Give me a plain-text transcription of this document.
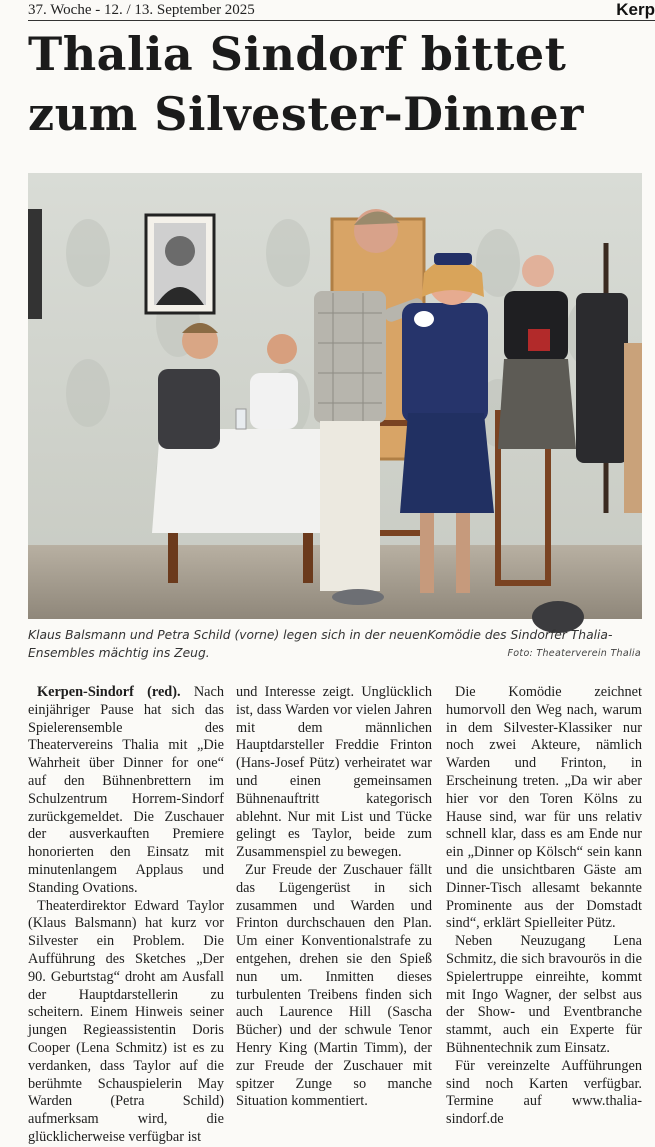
37. Woche - 12. / 13. September 2025	Kerp
Thalia Sindorf bittet
zum Silvester-Dinner

Klaus Balsmann und Petra Schild (vorne) legen sich in der neuenKomödie des Sindorfer Thalia-Ensembles mächtig ins Zeug.	Foto: Theaterverein Thalia

Kerpen-Sindorf (red). Nach einjähriger Pause hat sich das Spielerensemble des Theatervereins Thalia mit „Die Wahrheit über Dinner for one“ auf den Bühnenbrettern im Schulzentrum Horrem-Sindorf zurückgemeldet. Die Zuschauer der ausverkauften Premiere honorierten den Einsatz mit minutenlangem Applaus und Standing Ovations.

Theaterdirektor Edward Taylor (Klaus Balsmann) hat kurz vor Silvester ein Problem. Die Aufführung des Sketches „Der 90. Geburtstag“ droht am Ausfall der Hauptdarstellerin zu scheitern. Einem Hinweis seiner jungen Regieassistentin Doris Cooper (Lena Schmitz) ist es zu verdanken, dass Taylor auf die berühmte Schauspielerin May Warden (Petra Schild) aufmerksam wird, die glücklicherweise verfügbar ist

und Interesse zeigt. Unglücklich ist, dass Warden vor vielen Jahren mit dem männlichen Hauptdarsteller Freddie Frinton (Hans-Josef Pütz) verheiratet war und einen gemeinsamen Bühnenauftritt kategorisch ablehnt. Nur mit List und Tücke gelingt es Taylor, beide zum Zusammenspiel zu bewegen.

Zur Freude der Zuschauer fällt das Lügengerüst in sich zusammen und Warden und Frinton durchschauen den Plan. Um einer Konventionalstrafe zu entgehen, drehen sie den Spieß nun um. Inmitten dieses turbulenten Treibens finden sich auch Laurence Hill (Sascha Bücher) und der schwule Tenor Henry King (Martin Timm), der zur Freude der Zuschauer mit spitzer Zunge so manche Situation kommentiert.

Die Komödie zeichnet humorvoll den Weg nach, warum in dem Silvester-Klassiker nur noch zwei Akteure, nämlich Warden und Frinton, in Erscheinung treten. „Da wir aber hier vor den Toren Kölns zu Hause sind, war für uns relativ schnell klar, dass es am Ende nur ein „Dinner op Kölsch“ sein kann und die unsichtbaren Gäste am Dinner-Tisch allesamt bekannte Prominente aus der Domstadt sind“, erklärt Spielleiter Pütz.

Neben Neuzugang Lena Schmitz, die sich bravourös in die Spielertruppe einreihte, kommt mit Ingo Wagner, der selbst aus der Show- und Eventbranche stammt, auch ein Experte für Bühnentechnik zum Einsatz.

Für vereinzelte Aufführungen sind noch Karten verfügbar. Termine auf www.thalia-sindorf.de
